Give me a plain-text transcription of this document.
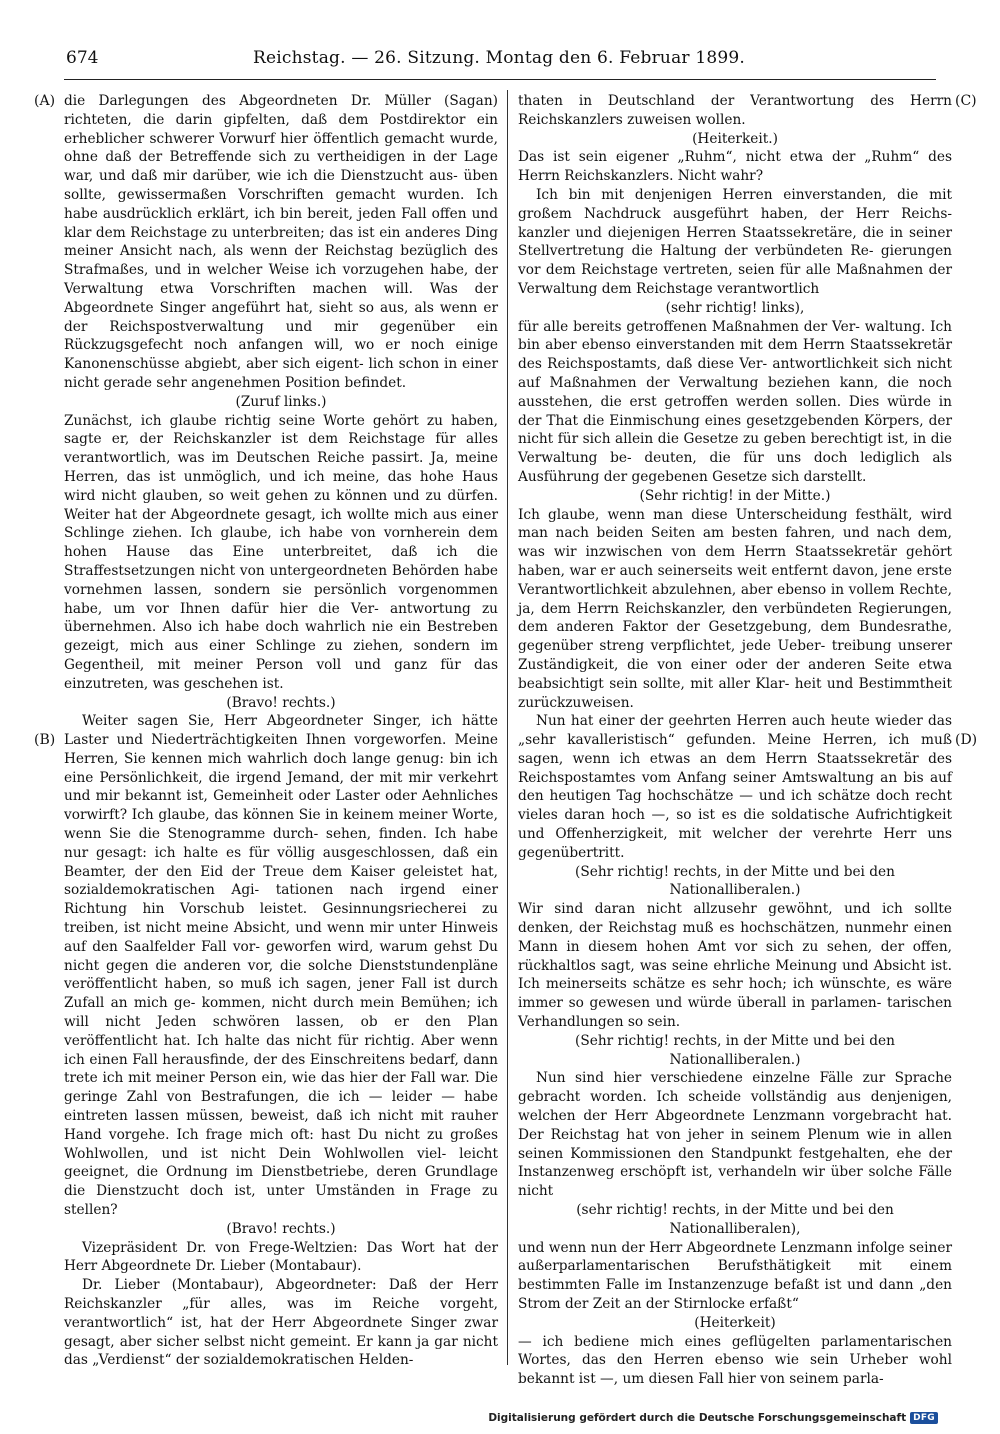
674	Reichstag. — 26. Sitzung. Montag den 6. Februar 1899.
(A)
(B)
(C)
(D)

die Darlegungen des Abgeordneten Dr. Müller (Sagan) richteten, die darin gipfelten, daß dem Postdirektor ein erheblicher schwerer Vorwurf hier öffentlich gemacht wurde, ohne daß der Betreffende sich zu vertheidigen in der Lage war, und daß mir darüber, wie ich die Dienstzucht aus- üben sollte, gewissermaßen Vorschriften gemacht wurden. Ich habe ausdrücklich erklärt, ich bin bereit, jeden Fall offen und klar dem Reichstage zu unterbreiten; das ist ein anderes Ding meiner Ansicht nach, als wenn der Reichstag bezüglich des Strafmaßes, und in welcher Weise ich vorzugehen habe, der Verwaltung etwa Vorschriften machen will. Was der Abgeordnete Singer angeführt hat, sieht so aus, als wenn er der Reichspostverwaltung und mir gegenüber ein Rückzugsgefecht noch anfangen will, wo er noch einige Kanonenschüsse abgiebt, aber sich eigent- lich schon in einer nicht gerade sehr angenehmen Position befindet.

(Zuruf links.)

Zunächst, ich glaube richtig seine Worte gehört zu haben, sagte er, der Reichskanzler ist dem Reichstage für alles verantwortlich, was im Deutschen Reiche passirt. Ja, meine Herren, das ist unmöglich, und ich meine, das hohe Haus wird nicht glauben, so weit gehen zu können und zu dürfen. Weiter hat der Abgeordnete gesagt, ich wollte mich aus einer Schlinge ziehen. Ich glaube, ich habe von vornherein dem hohen Hause das Eine unterbreitet, daß ich die Straffestsetzungen nicht von untergeordneten Behörden habe vornehmen lassen, sondern sie persönlich vorgenommen habe, um vor Ihnen dafür hier die Ver- antwortung zu übernehmen. Also ich habe doch wahrlich nie ein Bestreben gezeigt, mich aus einer Schlinge zu ziehen, sondern im Gegentheil, mit meiner Person voll und ganz für das einzutreten, was geschehen ist.

(Bravo! rechts.)

Weiter sagen Sie, Herr Abgeordneter Singer, ich hätte Laster und Niederträchtigkeiten Ihnen vorgeworfen. Meine Herren, Sie kennen mich wahrlich doch lange genug: bin ich eine Persönlichkeit, die irgend Jemand, der mit mir verkehrt und mir bekannt ist, Gemeinheit oder Laster oder Aehnliches vorwirft? Ich glaube, das können Sie in keinem meiner Worte, wenn Sie die Stenogramme durch- sehen, finden. Ich habe nur gesagt: ich halte es für völlig ausgeschlossen, daß ein Beamter, der den Eid der Treue dem Kaiser geleistet hat, sozialdemokratischen Agi- tationen nach irgend einer Richtung hin Vorschub leistet. Gesinnungsriecherei zu treiben, ist nicht meine Absicht, und wenn mir unter Hinweis auf den Saalfelder Fall vor- geworfen wird, warum gehst Du nicht gegen die anderen vor, die solche Dienststundenpläne veröffentlicht haben, so muß ich sagen, jener Fall ist durch Zufall an mich ge- kommen, nicht durch mein Bemühen; ich will nicht Jeden schwören lassen, ob er den Plan veröffentlicht hat. Ich halte das nicht für richtig. Aber wenn ich einen Fall herausfinde, der des Einschreitens bedarf, dann trete ich mit meiner Person ein, wie das hier der Fall war. Die geringe Zahl von Bestrafungen, die ich — leider — habe eintreten lassen müssen, beweist, daß ich nicht mit rauher Hand vorgehe. Ich frage mich oft: hast Du nicht zu großes Wohlwollen, und ist nicht Dein Wohlwollen viel- leicht geeignet, die Ordnung im Dienstbetriebe, deren Grundlage die Dienstzucht doch ist, unter Umständen in Frage zu stellen?

(Bravo! rechts.)

Vizepräsident Dr. von Frege-Weltzien: Das Wort hat der Herr Abgeordnete Dr. Lieber (Montabaur).

Dr. Lieber (Montabaur), Abgeordneter: Daß der Herr Reichskanzler „für alles, was im Reiche vorgeht, verantwortlich“ ist, hat der Herr Abgeordnete Singer zwar gesagt, aber sicher selbst nicht gemeint. Er kann ja gar nicht das „Verdienst“ der sozialdemokratischen Helden-

thaten in Deutschland der Verantwortung des Herrn Reichskanzlers zuweisen wollen.

(Heiterkeit.)

Das ist sein eigener „Ruhm“, nicht etwa der „Ruhm“ des Herrn Reichskanzlers. Nicht wahr?

Ich bin mit denjenigen Herren einverstanden, die mit großem Nachdruck ausgeführt haben, der Herr Reichs- kanzler und diejenigen Herren Staatssekretäre, die in seiner Stellvertretung die Haltung der verbündeten Re- gierungen vor dem Reichstage vertreten, seien für alle Maßnahmen der Verwaltung dem Reichstage verantwortlich

(sehr richtig! links),

für alle bereits getroffenen Maßnahmen der Ver- waltung. Ich bin aber ebenso einverstanden mit dem Herrn Staatssekretär des Reichspostamts, daß diese Ver- antwortlichkeit sich nicht auf Maßnahmen der Verwaltung beziehen kann, die noch ausstehen, die erst getroffen werden sollen. Dies würde in der That die Einmischung eines gesetzgebenden Körpers, der nicht für sich allein die Gesetze zu geben berechtigt ist, in die Verwaltung be- deuten, die für uns doch lediglich als Ausführung der gegebenen Gesetze sich darstellt.

(Sehr richtig! in der Mitte.)

Ich glaube, wenn man diese Unterscheidung festhält, wird man nach beiden Seiten am besten fahren, und nach dem, was wir inzwischen von dem Herrn Staatssekretär gehört haben, war er auch seinerseits weit entfernt davon, jene erste Verantwortlichkeit abzulehnen, aber ebenso in vollem Rechte, ja, dem Herrn Reichskanzler, den verbündeten Regierungen, dem anderen Faktor der Gesetzgebung, dem Bundesrathe, gegenüber streng verpflichtet, jede Ueber- treibung unserer Zuständigkeit, die von einer oder der anderen Seite etwa beabsichtigt sein sollte, mit aller Klar- heit und Bestimmtheit zurückzuweisen.

Nun hat einer der geehrten Herren auch heute wieder das „sehr kavalleristisch“ gefunden. Meine Herren, ich muß sagen, wenn ich etwas an dem Herrn Staatssekretär des Reichspostamtes vom Anfang seiner Amtswaltung an bis auf den heutigen Tag hochschätze — und ich schätze doch recht vieles daran hoch —, so ist es die soldatische Aufrichtigkeit und Offenherzigkeit, mit welcher der verehrte Herr uns gegenübertritt.

(Sehr richtig! rechts, in der Mitte und bei den Nationalliberalen.)

Wir sind daran nicht allzusehr gewöhnt, und ich sollte denken, der Reichstag muß es hochschätzen, nunmehr einen Mann in diesem hohen Amt vor sich zu sehen, der offen, rückhaltlos sagt, was seine ehrliche Meinung und Absicht ist. Ich meinerseits schätze es sehr hoch; ich wünschte, es wäre immer so gewesen und würde überall in parlamen- tarischen Verhandlungen so sein.

(Sehr richtig! rechts, in der Mitte und bei den Nationalliberalen.)

Nun sind hier verschiedene einzelne Fälle zur Sprache gebracht worden. Ich scheide vollständig aus denjenigen, welchen der Herr Abgeordnete Lenzmann vorgebracht hat. Der Reichstag hat von jeher in seinem Plenum wie in allen seinen Kommissionen den Standpunkt festgehalten, ehe der Instanzenweg erschöpft ist, verhandeln wir über solche Fälle nicht

(sehr richtig! rechts, in der Mitte und bei den Nationalliberalen),

und wenn nun der Herr Abgeordnete Lenzmann infolge seiner außerparlamentarischen Berufsthätigkeit mit einem bestimmten Falle im Instanzenzuge befaßt ist und dann „den Strom der Zeit an der Stirnlocke erfaßt“

(Heiterkeit)

— ich bediene mich eines geflügelten parlamentarischen Wortes, das den Herren ebenso wie sein Urheber wohl bekannt ist —, um diesen Fall hier von seinem parla-

Digitalisierung gefördert durch die Deutsche Forschungsgemeinschaft DFG
